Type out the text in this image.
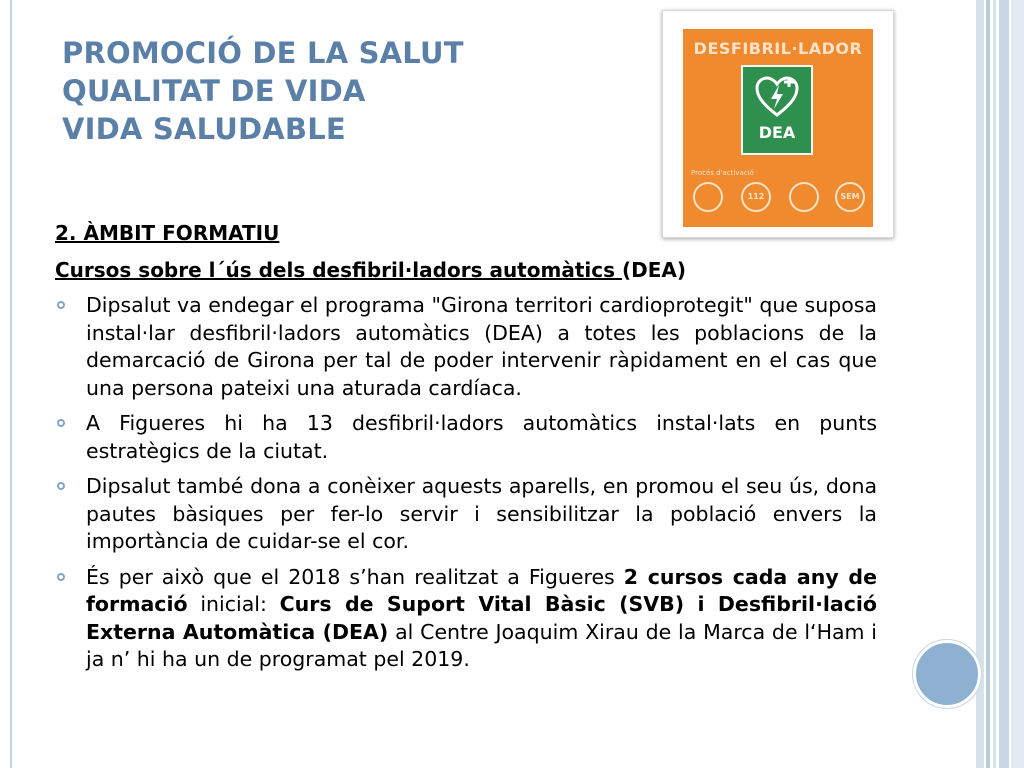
PROMOCIÓ DE LA SALUT
QUALITAT DE VIDA
VIDA SALUDABLE
DESFIBRIL·LADOR
DEA
Procés d'activació
112	SEM
2. ÀMBIT FORMATIU
Cursos sobre l´ús dels desfibril·ladors automàtics (DEA)
Dipsalut va endegar el programa "Girona territori cardioprotegit" que suposa instal·lar desfibril·ladors automàtics (DEA) a totes les poblacions de la demarcació de Girona per tal de poder intervenir ràpidament en el cas que una persona pateixi una aturada cardíaca.
A Figueres hi ha 13 desfibril·ladors automàtics instal·lats en punts estratègics de la ciutat.
Dipsalut també dona a conèixer aquests aparells, en promou el seu ús, dona pautes bàsiques per fer-lo servir i sensibilitzar la població envers la importància de cuidar-se el cor.
És per això que el 2018 s’han realitzat a Figueres 2 cursos cada any de formació inicial: Curs de Suport Vital Bàsic (SVB) i Desfibril·lació Externa Automàtica (DEA) al Centre Joaquim Xirau de la Marca de l‘Ham i ja n’ hi ha un de programat pel 2019.
